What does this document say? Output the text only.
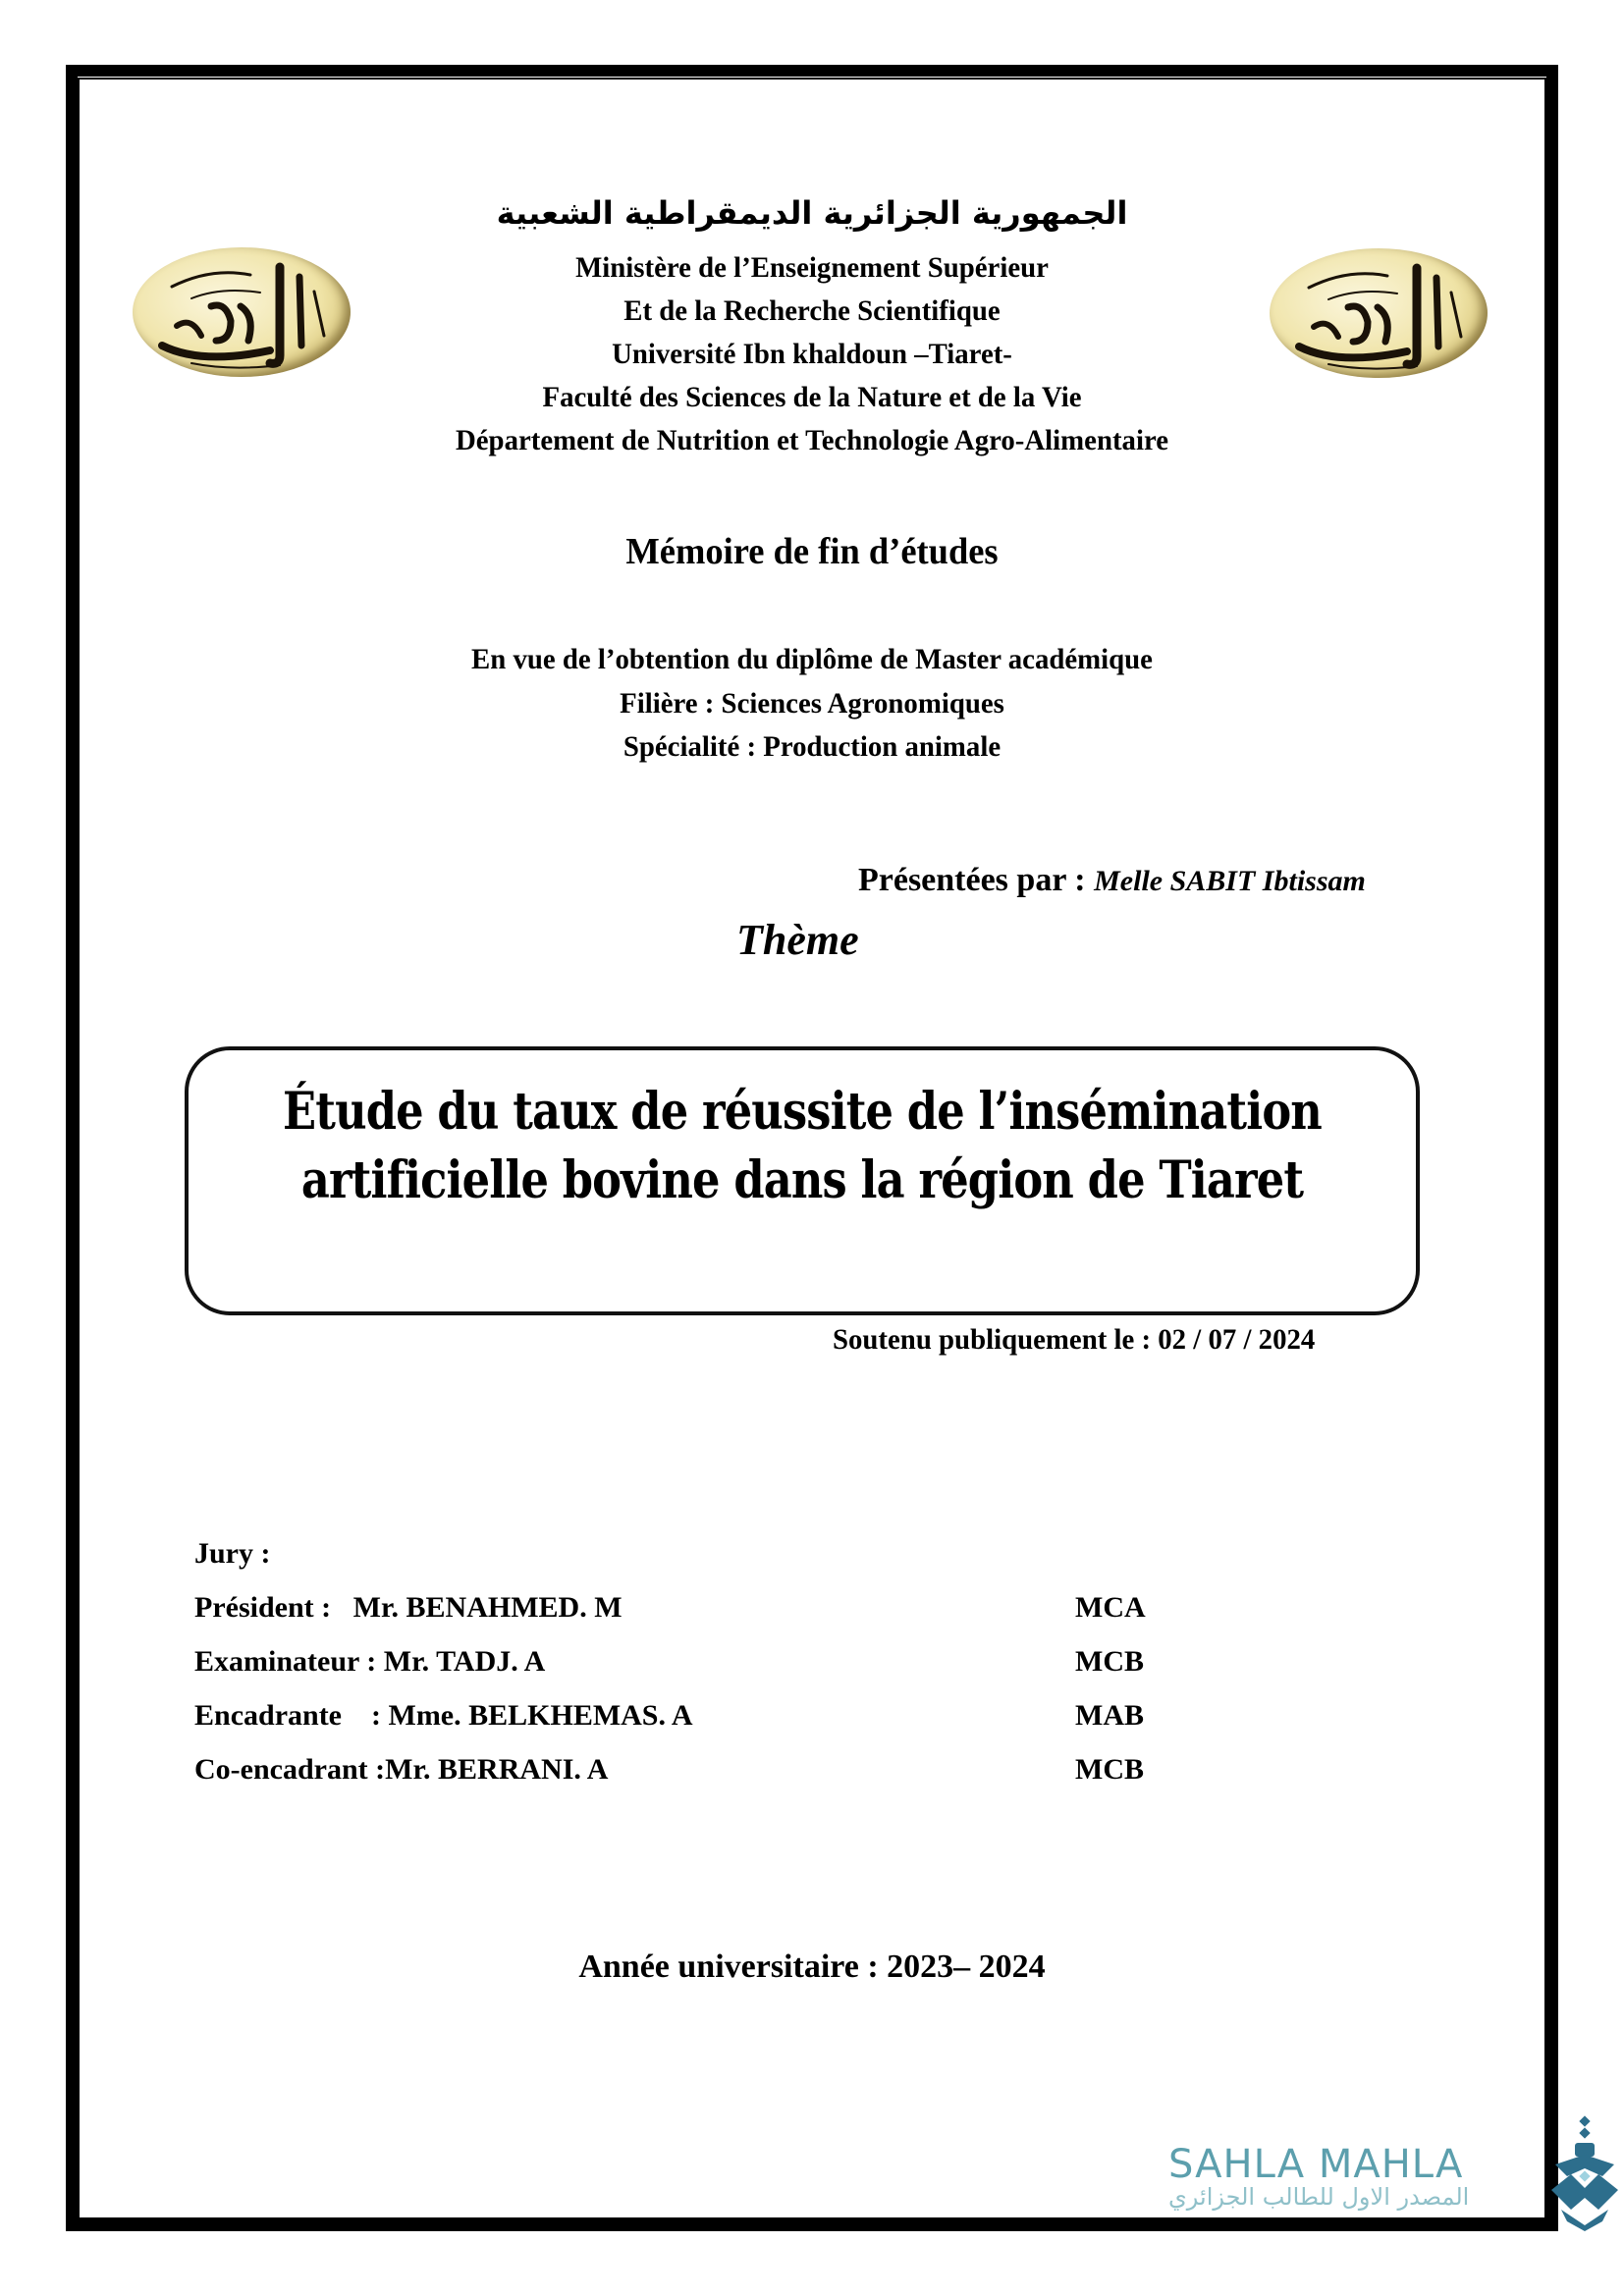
الجمهورية الجزائرية الديمقراطية الشعبية
Ministère de l’Enseignement Supérieur
Et de la Recherche Scientifique
Université Ibn khaldoun –Tiaret-
Faculté des Sciences de la Nature et de la Vie
Département de Nutrition et Technologie Agro-Alimentaire
Mémoire de fin d’études
En vue de l’obtention du diplôme de Master académique
Filière : Sciences Agronomiques
Spécialité : Production animale

Présentées par : Melle SABIT Ibtissam

Thème
Étude du taux de réussite de l’insémination
artificielle bovine dans la région de Tiaret
Soutenu publiquement le : 02 / 07 / 2024
Jury :
Président :   Mr. BENAHMED. M	MCA
Examinateur : Mr. TADJ. A	MCB
Encadrante    : Mme. BELKHEMAS. A	MAB
Co-encadrant :Mr. BERRANI. A	MCB
Année universitaire : 2023– 2024
SAHLA MAHLA
المصدر الاول للطالب الجزائري
